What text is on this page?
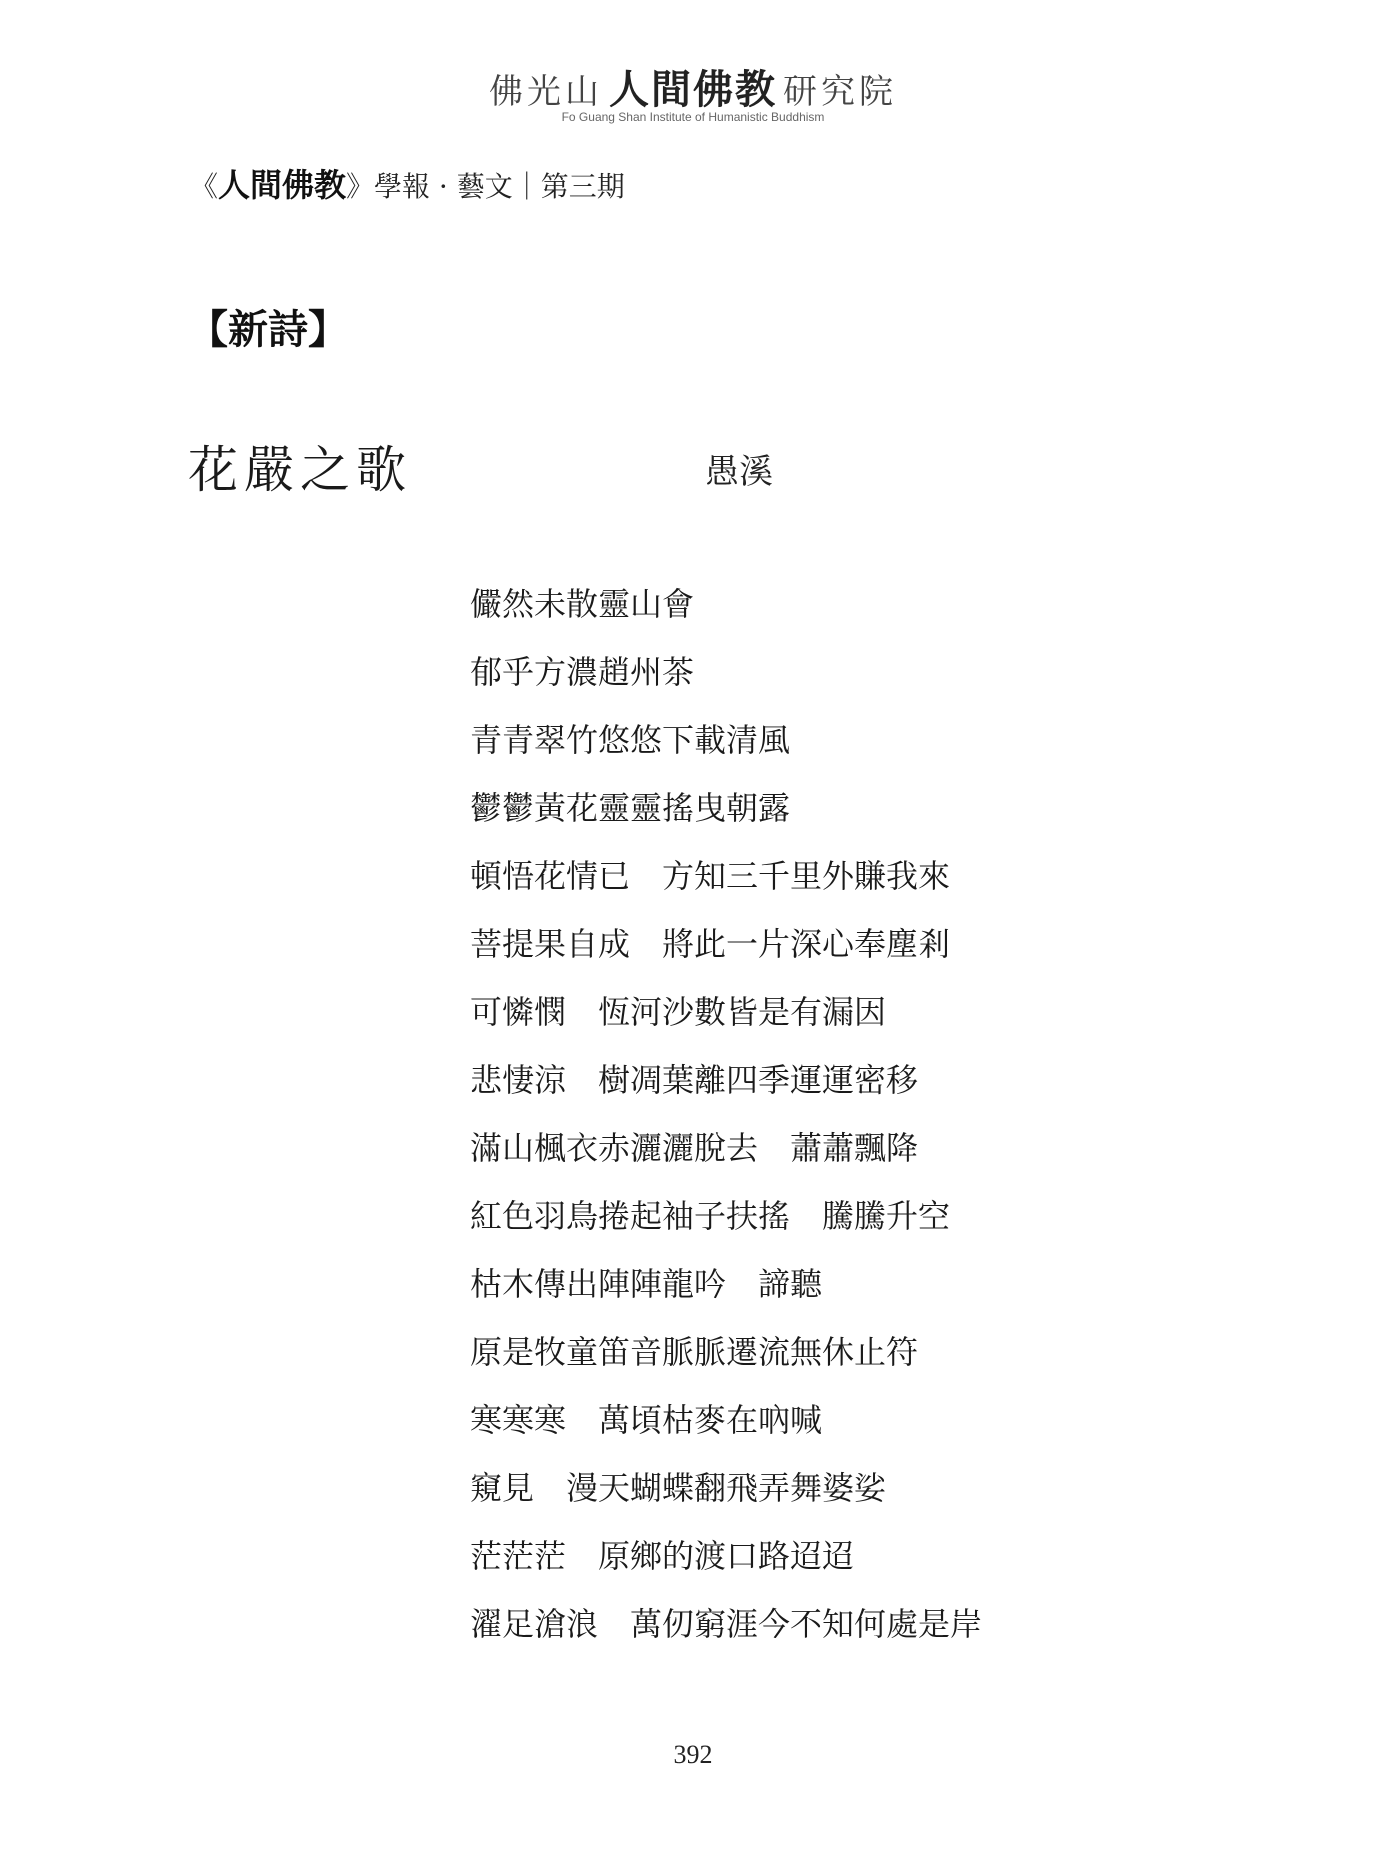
佛光山 人間佛教 研究院
Fo Guang Shan Institute of Humanistic Buddhism
《人間佛教》學報 · 藝文｜第三期
【新詩】
花嚴之歌	愚溪
儼然未散靈山會
郁乎方濃趙州茶
青青翠竹悠悠下載清風
鬱鬱黃花靈靈搖曳朝露
頓悟花情已　方知三千里外賺我來
菩提果自成　將此一片深心奉塵剎
可憐憫　恆河沙數皆是有漏因
悲悽涼　樹凋葉離四季運運密移
滿山楓衣赤灑灑脫去　蕭蕭飄降
紅色羽鳥捲起袖子扶搖　騰騰升空
枯木傳出陣陣龍吟　諦聽
原是牧童笛音脈脈遷流無休止符
寒寒寒　萬頃枯麥在吶喊
窺見　漫天蝴蝶翻飛弄舞婆娑
茫茫茫　原鄉的渡口路迢迢
濯足滄浪　萬仞窮涯今不知何處是岸
392
